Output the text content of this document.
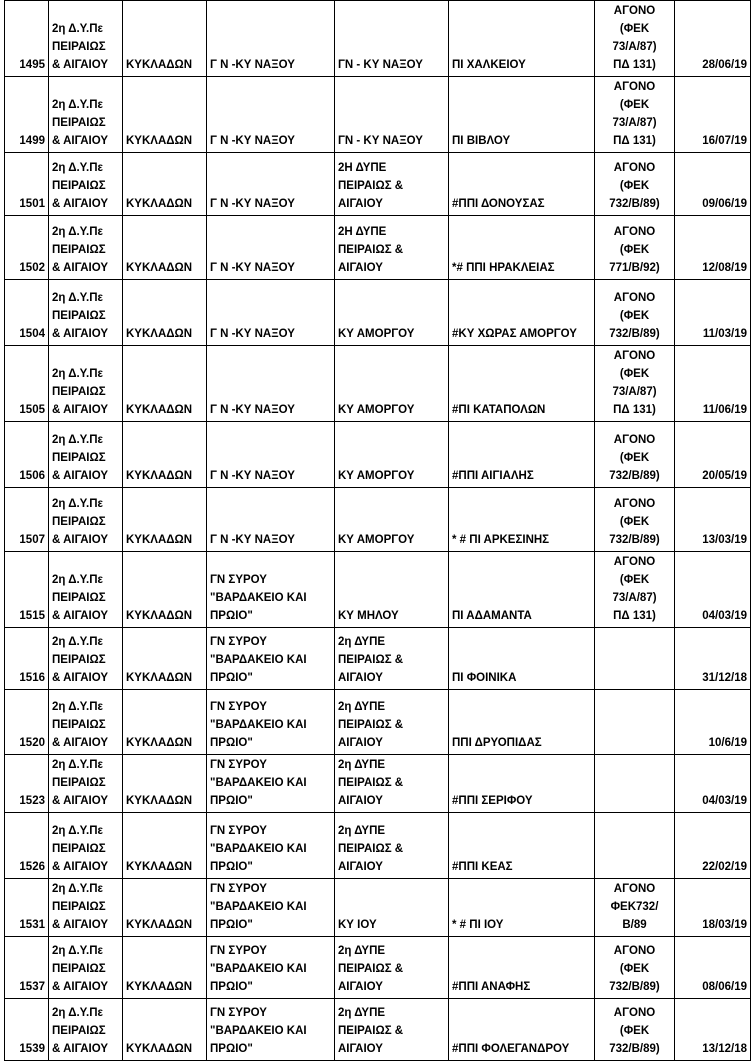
1495	2η Δ.Υ.Πε
ΠΕΙΡΑΙΩΣ
& ΑΙΓΑΙΟΥ	ΚΥΚΛΑΔΩΝ	Γ Ν -ΚΥ ΝΑΞΟΥ	ΓΝ - ΚΥ ΝΑΞΟΥ	ΠΙ ΧΑΛΚΕΙΟΥ	ΑΓΟΝΟ
(ΦΕΚ
73/Α/87)
ΠΔ 131)	28/06/19
1499	2η Δ.Υ.Πε
ΠΕΙΡΑΙΩΣ
& ΑΙΓΑΙΟΥ	ΚΥΚΛΑΔΩΝ	Γ Ν -ΚΥ ΝΑΞΟΥ	ΓΝ - ΚΥ ΝΑΞΟΥ	ΠΙ ΒΙΒΛΟΥ	ΑΓΟΝΟ
(ΦΕΚ
73/Α/87)
ΠΔ 131)	16/07/19
1501	2η Δ.Υ.Πε
ΠΕΙΡΑΙΩΣ
& ΑΙΓΑΙΟΥ	ΚΥΚΛΑΔΩΝ	Γ Ν -ΚΥ ΝΑΞΟΥ	2Η ΔΥΠΕ
ΠΕΙΡΑΙΩΣ &
ΑΙΓΑΙΟΥ	#ΠΠΙ ΔΟΝΟΥΣΑΣ	ΑΓΟΝΟ
(ΦΕΚ
732/Β/89)	09/06/19
1502	2η Δ.Υ.Πε
ΠΕΙΡΑΙΩΣ
& ΑΙΓΑΙΟΥ	ΚΥΚΛΑΔΩΝ	Γ Ν -ΚΥ ΝΑΞΟΥ	2Η ΔΥΠΕ
ΠΕΙΡΑΙΩΣ &
ΑΙΓΑΙΟΥ	*# ΠΠΙ ΗΡΑΚΛΕΙΑΣ	ΑΓΟΝΟ
(ΦΕΚ
771/Β/92)	12/08/19
1504	2η Δ.Υ.Πε
ΠΕΙΡΑΙΩΣ
& ΑΙΓΑΙΟΥ	ΚΥΚΛΑΔΩΝ	Γ Ν -ΚΥ ΝΑΞΟΥ	ΚΥ ΑΜΟΡΓΟΥ	#ΚΥ ΧΩΡΑΣ ΑΜΟΡΓΟΥ	ΑΓΟΝΟ
(ΦΕΚ
732/Β/89)	11/03/19
1505	2η Δ.Υ.Πε
ΠΕΙΡΑΙΩΣ
& ΑΙΓΑΙΟΥ	ΚΥΚΛΑΔΩΝ	Γ Ν -ΚΥ ΝΑΞΟΥ	ΚΥ ΑΜΟΡΓΟΥ	#ΠΙ ΚΑΤΑΠΟΛΩΝ	ΑΓΟΝΟ
(ΦΕΚ
73/Α/87)
ΠΔ 131)	11/06/19
1506	2η Δ.Υ.Πε
ΠΕΙΡΑΙΩΣ
& ΑΙΓΑΙΟΥ	ΚΥΚΛΑΔΩΝ	Γ Ν -ΚΥ ΝΑΞΟΥ	ΚΥ ΑΜΟΡΓΟΥ	#ΠΠΙ ΑΙΓΙΑΛΗΣ	ΑΓΟΝΟ
(ΦΕΚ
732/Β/89)	20/05/19
1507	2η Δ.Υ.Πε
ΠΕΙΡΑΙΩΣ
& ΑΙΓΑΙΟΥ	ΚΥΚΛΑΔΩΝ	Γ Ν -ΚΥ ΝΑΞΟΥ	ΚΥ ΑΜΟΡΓΟΥ	* # ΠΙ ΑΡΚΕΣΙΝΗΣ	ΑΓΟΝΟ
(ΦΕΚ
732/Β/89)	13/03/19
1515	2η Δ.Υ.Πε
ΠΕΙΡΑΙΩΣ
& ΑΙΓΑΙΟΥ	ΚΥΚΛΑΔΩΝ	ΓΝ ΣΥΡΟΥ
"ΒΑΡΔΑΚΕΙΟ ΚΑΙ
ΠΡΩΙΟ"	ΚΥ ΜΗΛΟΥ	ΠΙ ΑΔΑΜΑΝΤΑ	ΑΓΟΝΟ
(ΦΕΚ
73/Α/87)
ΠΔ 131)	04/03/19
1516	2η Δ.Υ.Πε
ΠΕΙΡΑΙΩΣ
& ΑΙΓΑΙΟΥ	ΚΥΚΛΑΔΩΝ	ΓΝ ΣΥΡΟΥ
"ΒΑΡΔΑΚΕΙΟ ΚΑΙ
ΠΡΩΙΟ"	2η ΔΥΠΕ
ΠΕΙΡΑΙΩΣ &
ΑΙΓΑΙΟΥ	ΠΙ ΦΟΙΝΙΚΑ		31/12/18
1520	2η Δ.Υ.Πε
ΠΕΙΡΑΙΩΣ
& ΑΙΓΑΙΟΥ	ΚΥΚΛΑΔΩΝ	ΓΝ ΣΥΡΟΥ
"ΒΑΡΔΑΚΕΙΟ ΚΑΙ
ΠΡΩΙΟ"	2η ΔΥΠΕ
ΠΕΙΡΑΙΩΣ &
ΑΙΓΑΙΟΥ	ΠΠΙ ΔΡΥΟΠΙΔΑΣ		10/6/19
1523	2η Δ.Υ.Πε
ΠΕΙΡΑΙΩΣ
& ΑΙΓΑΙΟΥ	ΚΥΚΛΑΔΩΝ	ΓΝ ΣΥΡΟΥ
"ΒΑΡΔΑΚΕΙΟ ΚΑΙ
ΠΡΩΙΟ"	2η ΔΥΠΕ
ΠΕΙΡΑΙΩΣ &
ΑΙΓΑΙΟΥ	#ΠΠΙ ΣΕΡΙΦΟΥ		04/03/19
1526	2η Δ.Υ.Πε
ΠΕΙΡΑΙΩΣ
& ΑΙΓΑΙΟΥ	ΚΥΚΛΑΔΩΝ	ΓΝ ΣΥΡΟΥ
"ΒΑΡΔΑΚΕΙΟ ΚΑΙ
ΠΡΩΙΟ"	2η ΔΥΠΕ
ΠΕΙΡΑΙΩΣ &
ΑΙΓΑΙΟΥ	#ΠΠΙ ΚΕΑΣ		22/02/19
1531	2η Δ.Υ.Πε
ΠΕΙΡΑΙΩΣ
& ΑΙΓΑΙΟΥ	ΚΥΚΛΑΔΩΝ	ΓΝ ΣΥΡΟΥ
"ΒΑΡΔΑΚΕΙΟ ΚΑΙ
ΠΡΩΙΟ"	ΚΥ ΙΟΥ	* # ΠΙ ΙΟΥ	ΑΓΟΝΟ
ΦΕΚ732/
Β/89	18/03/19
1537	2η Δ.Υ.Πε
ΠΕΙΡΑΙΩΣ
& ΑΙΓΑΙΟΥ	ΚΥΚΛΑΔΩΝ	ΓΝ ΣΥΡΟΥ
"ΒΑΡΔΑΚΕΙΟ ΚΑΙ
ΠΡΩΙΟ"	2η ΔΥΠΕ
ΠΕΙΡΑΙΩΣ &
ΑΙΓΑΙΟΥ	#ΠΠΙ ΑΝΑΦΗΣ	ΑΓΟΝΟ
(ΦΕΚ
732/Β/89)	08/06/19
1539	2η Δ.Υ.Πε
ΠΕΙΡΑΙΩΣ
& ΑΙΓΑΙΟΥ	ΚΥΚΛΑΔΩΝ	ΓΝ ΣΥΡΟΥ
"ΒΑΡΔΑΚΕΙΟ ΚΑΙ
ΠΡΩΙΟ"	2η ΔΥΠΕ
ΠΕΙΡΑΙΩΣ &
ΑΙΓΑΙΟΥ	#ΠΠΙ ΦΟΛΕΓΑΝΔΡΟΥ	ΑΓΟΝΟ
(ΦΕΚ
732/Β/89)	13/12/18
